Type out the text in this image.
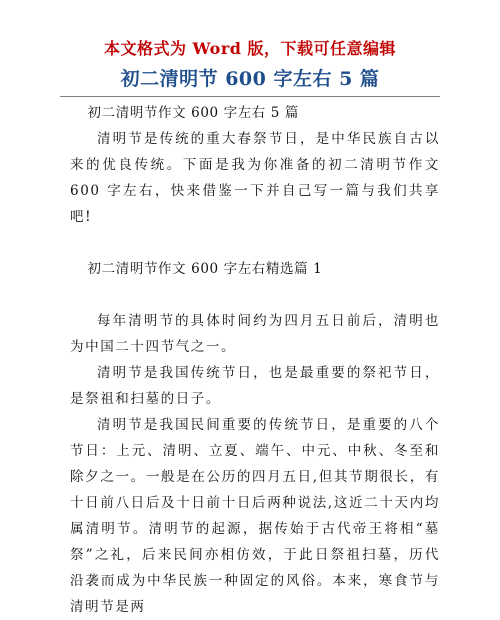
本文格式为 Word 版，下载可任意编辑
初二清明节 600 字左右 5 篇

初二清明节作文 600 字左右 5 篇

清明节是传统的重大春祭节日，是中华民族自古以来的优良传统。下面是我为你准备的初二清明节作文 600 字左右，快来借鉴一下并自己写一篇与我们共享吧!

初二清明节作文 600 字左右精选篇 1

每年清明节的具体时间约为四月五日前后，清明也为中国二十四节气之一。

清明节是我国传统节日，也是最重要的祭祀节日，是祭祖和扫墓的日子。

清明节是我国民间重要的传统节日，是重要的八个节日：上元、清明、立夏、端午、中元、中秋、冬至和除夕之一。一般是在公历的四月五日,但其节期很长，有十日前八日后及十日前十日后两种说法,这近二十天内均属清明节。清明节的起源，据传始于古代帝王将相“墓祭”之礼，后来民间亦相仿效，于此日祭祖扫墓，历代沿袭而成为中华民族一种固定的风俗。本来，寒食节与清明节是两
